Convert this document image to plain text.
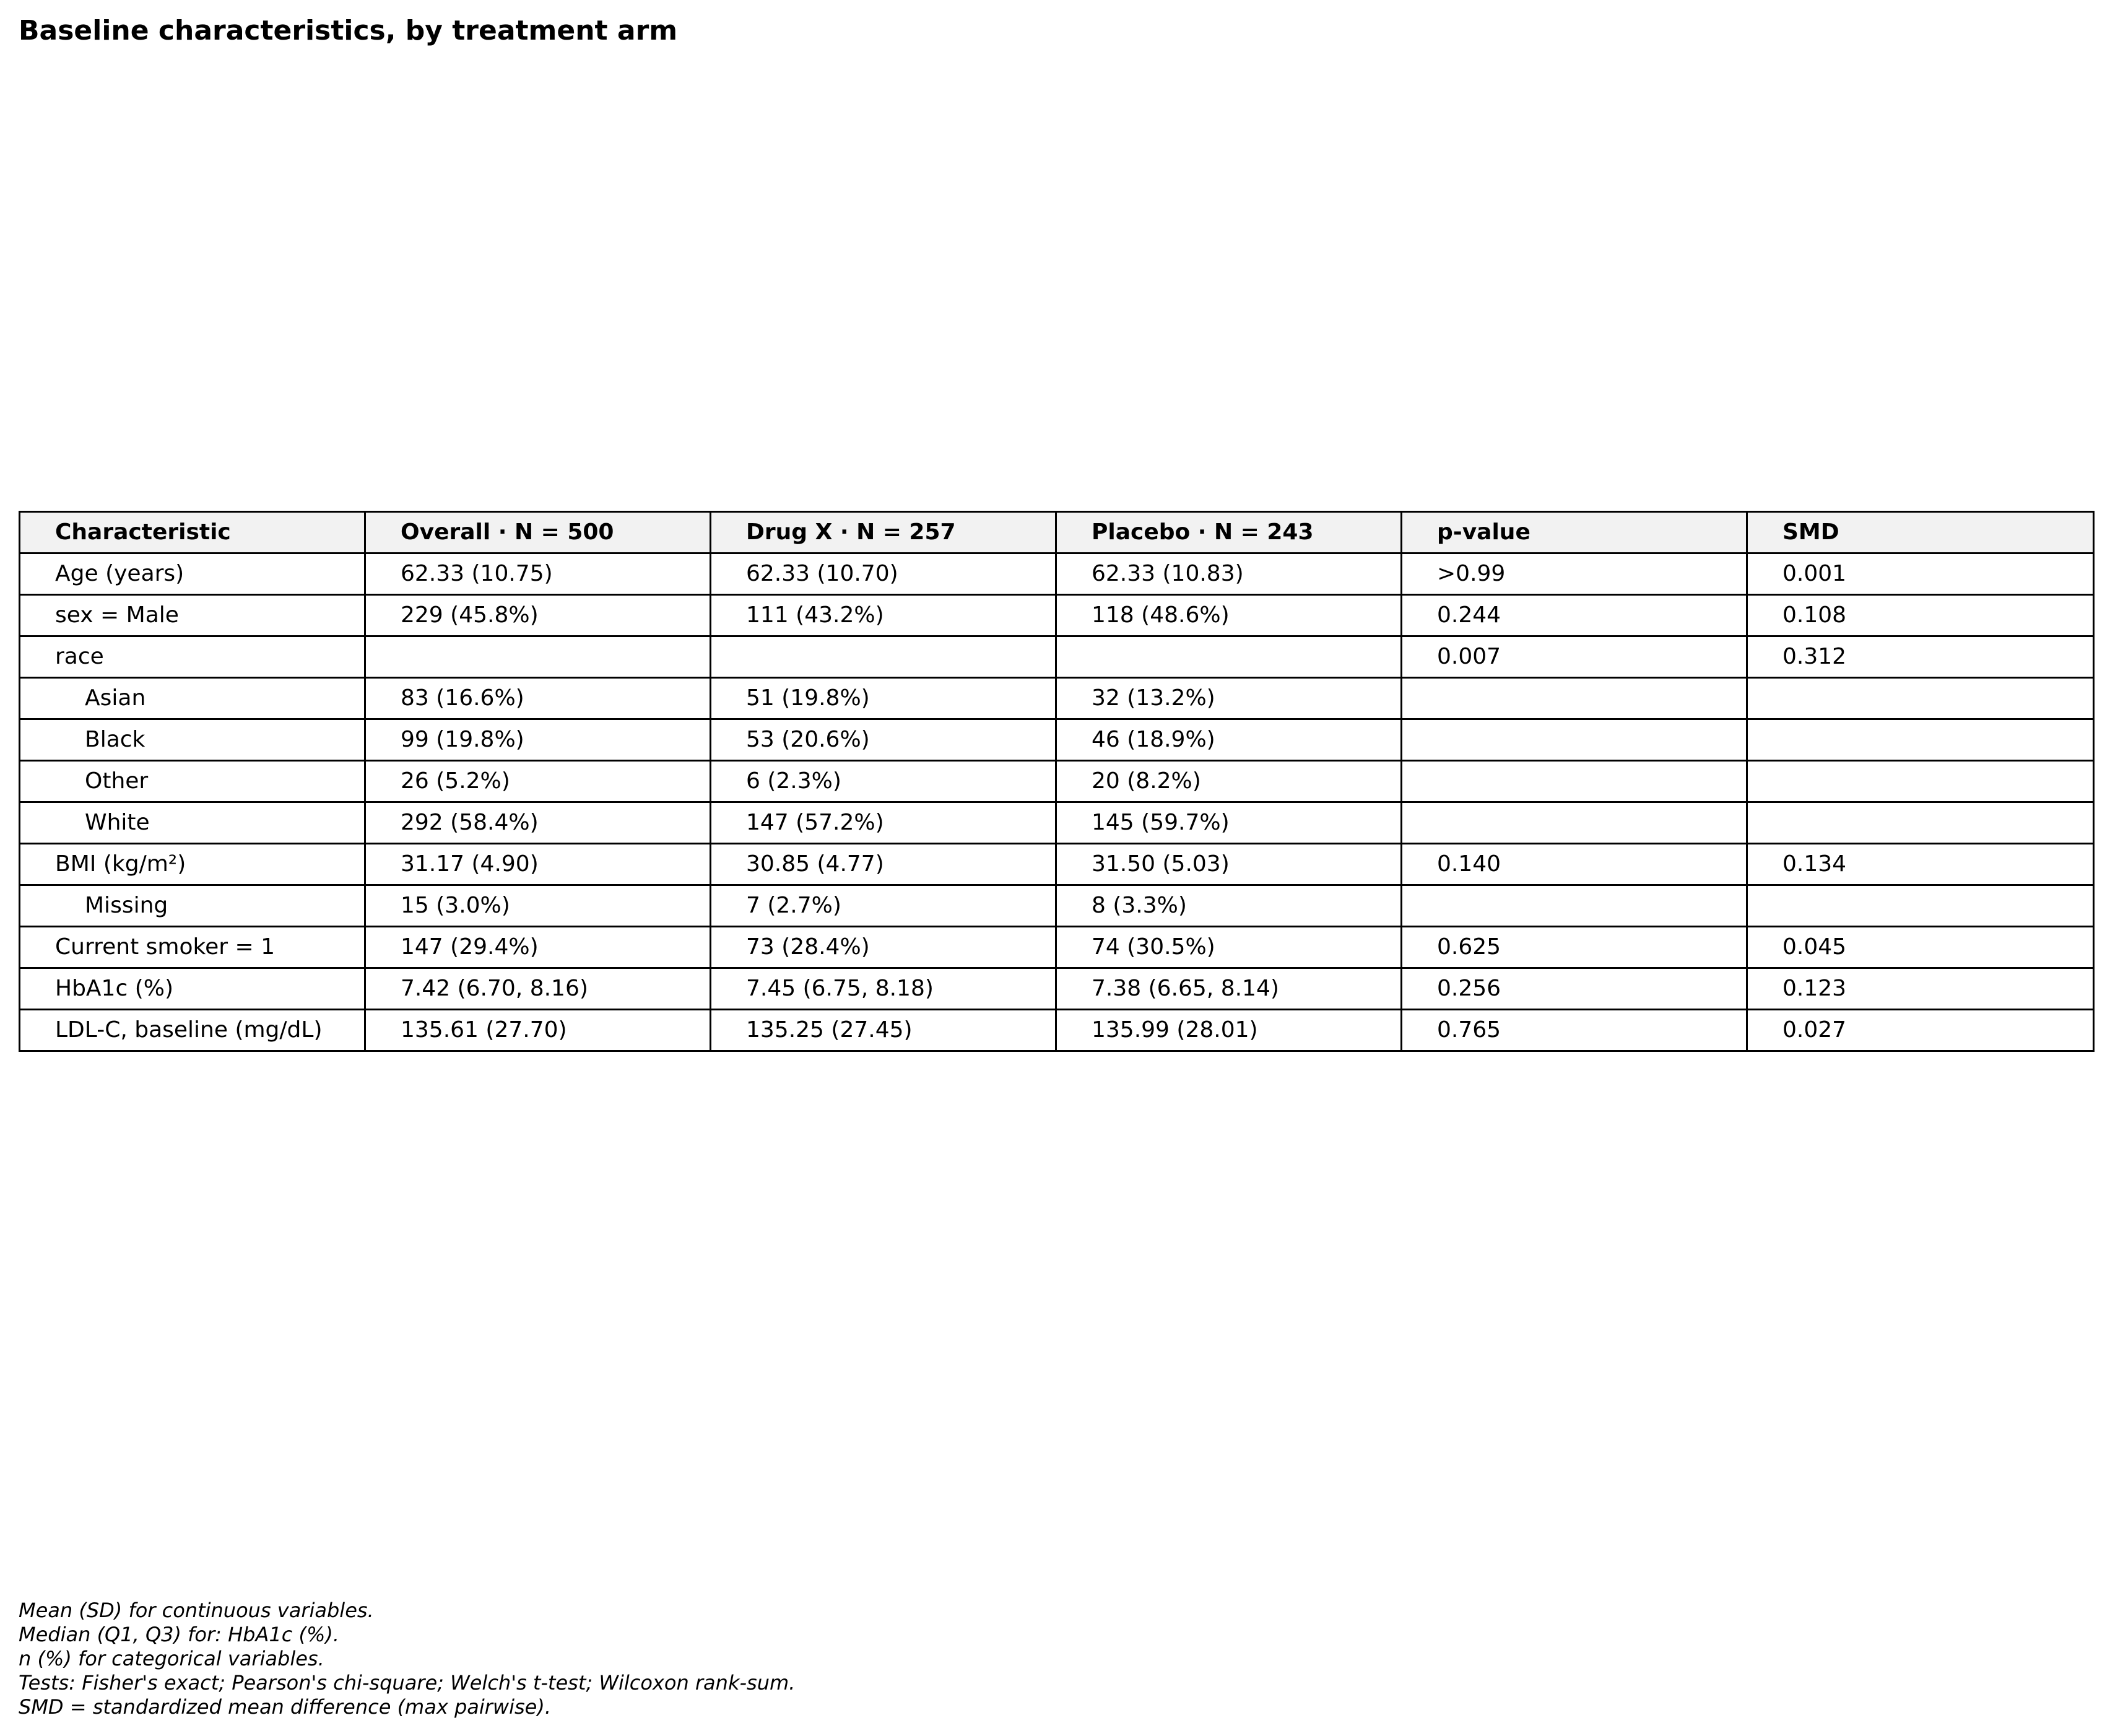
Baseline characteristics, by treatment arm
Characteristic	Overall · N = 500	Drug X · N = 257	Placebo · N = 243	p-value	SMD
Age (years)	62.33 (10.75)	62.33 (10.70)	62.33 (10.83)	>0.99	0.001
sex = Male	229 (45.8%)	111 (43.2%)	118 (48.6%)	0.244	0.108
race				0.007	0.312
Asian	83 (16.6%)	51 (19.8%)	32 (13.2%)		
Black	99 (19.8%)	53 (20.6%)	46 (18.9%)		
Other	26 (5.2%)	6 (2.3%)	20 (8.2%)		
White	292 (58.4%)	147 (57.2%)	145 (59.7%)		
BMI (kg/m²)	31.17 (4.90)	30.85 (4.77)	31.50 (5.03)	0.140	0.134
Missing	15 (3.0%)	7 (2.7%)	8 (3.3%)		
Current smoker = 1	147 (29.4%)	73 (28.4%)	74 (30.5%)	0.625	0.045
HbA1c (%)	7.42 (6.70, 8.16)	7.45 (6.75, 8.18)	7.38 (6.65, 8.14)	0.256	0.123
LDL-C, baseline (mg/dL)	135.61 (27.70)	135.25 (27.45)	135.99 (28.01)	0.765	0.027
Mean (SD) for continuous variables.
Median (Q1, Q3) for: HbA1c (%).
n (%) for categorical variables.
Tests: Fisher's exact; Pearson's chi-square; Welch's t-test; Wilcoxon rank-sum.
SMD = standardized mean difference (max pairwise).
